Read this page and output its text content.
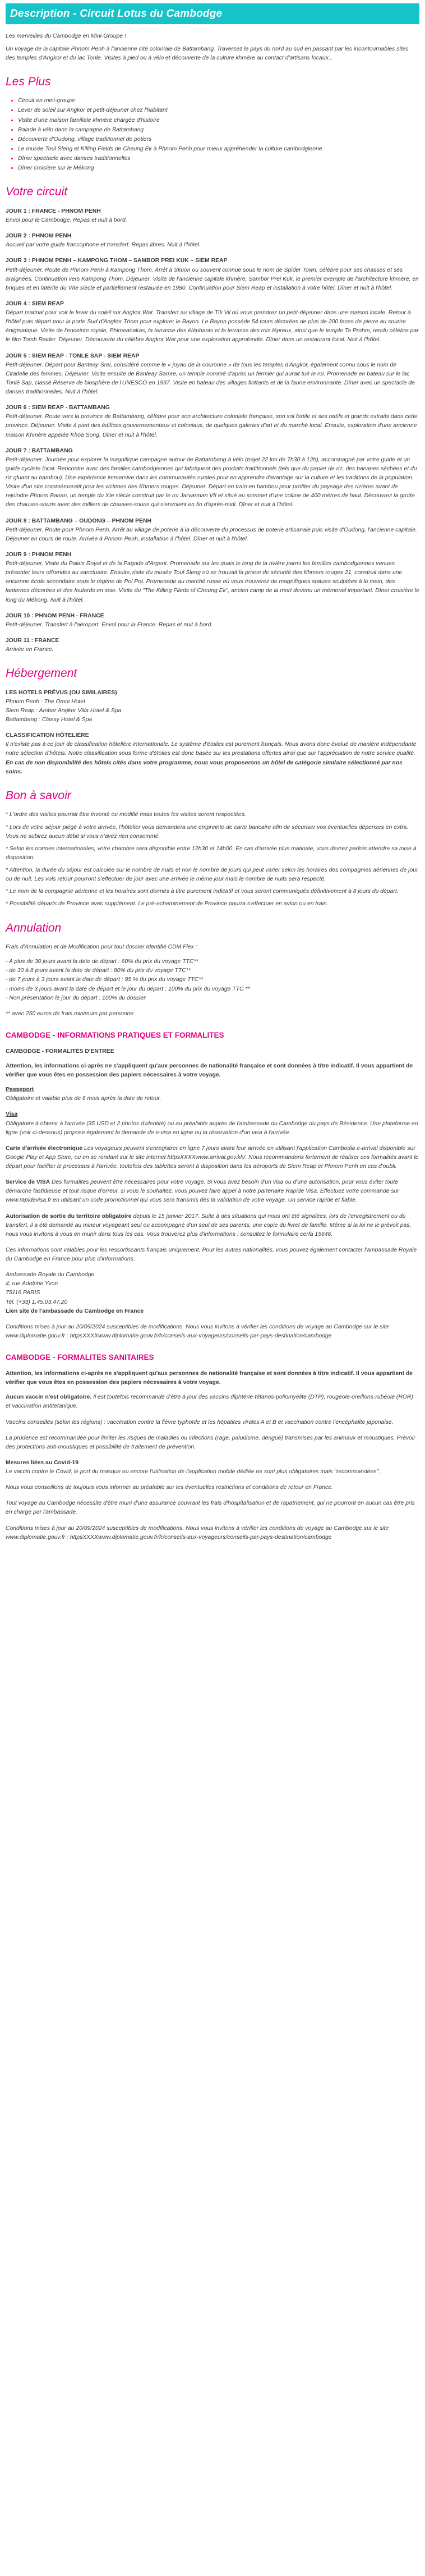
Description - Circuit Lotus du Cambodge

Les merveilles du Cambodge en Mini-Groupe !

Un voyage de la capitale Phnom Penh à l'ancienne cité coloniale de Battambang. Traversez le pays du nord au sud en passant par les incontournables sites des temples d'Angkor et du lac Tonle. Visites à pied ou à vélo et découverte de la culture khmère au contact d'artisans locaux...

Les Plus
• Circuit en mini-groupe
• Lever de soleil sur Angkor et petit-déjeuner chez l'habitant
• Visite d'une maison familiale khmère chargée d'histoire
• Balade à vélo dans la campagne de Battambang
• Découverte d'Oudong, village traditionnel de potiers
• Le musée Toul Sleng et Killing Fields de Cheung Ek à Phnom Penh pour mieux appréhender la culture cambodgienne
• Dîner spectacle avec danses traditionnelles
• Dîner croisière sur le Mékong
Votre circuit
JOUR 1 : FRANCE - PHNOM PENH
Envol pour le Cambodge. Repas et nuit à bord.
JOUR 2 : PHNOM PENH
Accueil par votre guide francophone et transfert. Repas libres. Nuit à l'hôtel.
JOUR 3 : PHNOM PENH – KAMPONG THOM – SAMBOR PREI KUK – SIEM REAP
Petit-déjeuner. Route de Phnom Penh à Kampong Thom. Arrêt à Skuon ou souvent connue sous le nom de Spider Town, célèbre pour ses chasses et ses araignées. Continuation vers Kampong Thom. Déjeuner. Visite de l'ancienne capitale khmère, Sambor Prei Kuk, le premier exemple de l'architecture khmère, en briques et en latérite du VIIe siècle et partiellement restaurée en 1980. Continuation pour Siem Reap et installation à votre hôtel. Dîner et nuit à l'hôtel.
JOUR 4 : SIEM REAP
Départ matinal pour voir le lever du soleil sur Angkor Wat. Transfert au village de Tik Vil où vous prendrez un petit-déjeuner dans une maison locale. Retour à l'hôtel puis départ pour la porte Sud d'Angkor Thom pour explorer le Bayon. Le Bayon possède 54 tours décorées de plus de 200 faces de pierre au sourire énigmatique. Visite de l'enceinte royale, Phimeanakas, la terrasse des éléphants et la terrasse des rois lépreux, ainsi que le temple Ta Prohm, rendu célèbre par le film Tomb Raider. Déjeuner. Découverte du célèbre Angkor Wat pour une exploration approfondie. Dîner dans un restaurant local. Nuit à l'hôtel.
JOUR 5 : SIEM REAP - TONLE SAP - SIEM REAP
Petit-déjeuner. Départ pour Banteay Srei, considéré comme le « joyau de la couronne » de tous les temples d'Angkor, également connu sous le nom de Citadelle des femmes. Déjeuner. Visite ensuite de Banteay Samre, un temple nommé d'après un fermier qui aurait tué le roi. Promenade en bateau sur le lac Tonlé Sap, classé Réserve de biosphère de l'UNESCO en 1997. Visite en bateau des villages flottants et de la faune environnante. Dîner avec un spectacle de danses traditionnelles. Nuit à l'hôtel.
JOUR 6 : SIEM REAP - BATTAMBANG
Petit-déjeuner. Route vers la province de Battambang, célèbre pour son architecture coloniale française, son sol fertile et ses natifs et grands extraits dans cette province. Déjeuner. Visite à pied des édifices gouvernementaux et coloniaux, de quelques galeries d'art et du marché local. Ensuite, exploration d'une ancienne maison Khmère appelée Khoa Song. Dîner et nuit à l'hôtel.
JOUR 7 : BATTAMBANG
Petit-déjeuner. Journée pour explorer la magnifique campagne autour de Battambang à vélo (trajet 22 km de 7h30 à 12h), accompagné par votre guide et un guide cycliste local. Rencontre avec des familles cambodgiennes qui fabriquent des produits traditionnels (tels que du papier de riz, des bananes séchées et du riz gluant au bambou). Une expérience immersive dans les communautés rurales pour en apprendre davantage sur la culture et les traditions de la population. Visite d'un site commémoratif pour les victimes des Khmers rouges. Déjeuner. Départ en train en bambou pour profiter du paysage des rizières avant de rejoindre Phnom Banan, un temple du XIe siècle construit par le roi Jarvarman VII et situé au sommet d'une colline de 400 mètres de haut. Découvrez la grotte des chauves-souris avec des milliers de chauves-souris qui s'envolent en fin d'après-midi. Dîner et nuit à l'hôtel.
JOUR 8 : BATTAMBANG – OUDONG – PHNOM PENH
Petit-déjeuner. Route pour Phnom Penh. Arrêt au village de poterie à la découverte du processus de poterie artisanale puis visite d'Oudong, l'ancienne capitale. Déjeuner en cours de route. Arrivée à Phnom Penh, installation à l'hôtel. Dîner et nuit à l'hôtel.
JOUR 9 : PHNOM PENH
Petit-déjeuner. Visite du Palais Royal et de la Pagode d'Argent. Promenade sur les quais le long de la rivière parmi les familles cambodgiennes venues présenter leurs offrandes au sanctuaire. Ensuite,visite du musée Toul Sleng où se trouvait la prison de sécurité des Khmers rouges 21, construit dans une ancienne école secondaire sous le régime de Pol Pot. Promenade au marché russe où vous trouverez de magnifiques statues sculptées à la main, des lanternes décorées et des foulards en soie. Visite du "The Killing Fileds of Cheung Ek", ancien camp de la mort devenu un mémorial important. Dîner croisière le long du Mékong. Nuit à l'hôtel.
JOUR 10 : PHNOM PENH - FRANCE
Petit-déjeuner. Transfert à l'aéroport. Envol pour la France. Repas et nuit à bord.
JOUR 11 : FRANCE
Arrivée en France.
Hébergement
LES HOTELS PRÉVUS (OU SIMILAIRES)
Phnom Penh : The Omni Hotel
Siem Reap : Amber Angkor Villa Hotel & Spa
Battambang : Classy Hotel & Spa
CLASSIFICATION HÔTELIÈRE
Il n'existe pas à ce jour de classification hôtelière internationale. Le système d'étoiles est purement français. Nous avons donc évalué de manière indépendante notre sélection d'hôtels. Notre classification sous forme d'étoiles est donc basée sur les prestations offertes ainsi que sur l'appréciation de notre service qualité.
En cas de non disponibilité des hôtels cités dans votre programme, nous vous proposerons un hôtel de catégorie similaire sélectionné par nos soins.
Bon à savoir
* L'ordre des visites pourrait être inversé ou modifié mais toutes les visites seront respectées.
* Lors de votre séjour piégé à votre arrivée, l'hôtelier vous demandera une empreinte de carte bancaire afin de sécuriser vos éventuelles dépenses en extra. Vous ne subirez aucun débit si vous n'avez rien consommé.
* Selon les normes internationales, votre chambre sera disponible entre 12h30 et 14h00. En cas d'arrivée plus matinale, vous devrez parfois attendre sa mise à disposition.
* Attention, la durée du séjour est calculée sur le nombre de nuits et non le nombre de jours qui peut varier selon les horaires des compagnies aériennes de jour ou de nuit. Les vols retour pourront s'effectuer de jour avec une arrivée le même jour mais le nombre de nuits sera respecté.
* Le nom de la compagnie aérienne et les horaires sont donnés à titre purement indicatif et vous seront communiqués définitivement à 8 jours du départ.
* Possibilité départs de Province avec supplément. Le pré-acheminement de Province pourra s'effectuer en avion ou en train.
Annulation
Frais d'Annulation et de Modification pour tout dossier Identifié CDM Flex :
- A plus de 30 jours avant la date de départ : 60% du prix du voyage TTC**
- de 30 à 8 jours avant la date de départ : 80% du prix du voyage TTC**
- de 7 jours à 3 jours avant la date de départ : 95 % du prix du voyage TTC**
- moins de 3 jours avant la date de départ et le jour du départ : 100% du prix du voyage TTC **
- Non présentation le jour du départ : 100% du dossier
** avec 250 euros de frais minimum par personne
CAMBODGE - INFORMATIONS PRATIQUES ET FORMALITES
CAMBODGE - FORMALITÉS D'ENTREE
Attention, les informations ci-après ne s'appliquent qu'aux personnes de nationalité française et sont données à titre indicatif. Il vous appartient de vérifier que vous êtes en possession des papiers nécessaires à votre voyage.
Passeport
Obligatoire et valable plus de 6 mois après la date de retour.
Visa
Obligatoire à obtenir à l'arrivée (35 USD et 2 photos d'identité) ou au préalable auprès de l'ambassade du Cambodge du pays de Résidence. Une plateforme en ligne (voir ci-dessous) propose également la demande de e-visa en ligne ou la réservation d'un visa à l'arrivée.
Carte d'arrivée électronique Les voyageurs peuvent s'enregistrer en ligne 7 jours avant leur arrivée en utilisant l'application Cambodia e-arrival disponible sur Google Play et App Store, ou en se rendant sur le site internet httpsXXXXwww.arrival.gov.kh/. Nous recommandons fortement de réaliser ces formalités avant le départ pour faciliter le processus à l'arrivée, toutefois des tablettes seront à disposition dans les aéroports de Siem Reap et Phnom Penh en cas d'oubli.
Service de VISA Des formalités peuvent être nécessaires pour votre voyage. Si vous avez besoin d'un visa ou d'une autorisation, pour vous éviter toute démarche fastidieuse et tout risque d'erreur, si vous le souhaitez, vous pouvez faire appel à notre partenaire Rapide Visa. Effectuez votre commande sur www.rapidevisa.fr en utilisant un code promotionnel qui vous sera transmis dès la validation de votre voyage. Un service rapide et fiable.
Autorisation de sortie du territoire obligatoire depuis le 15 janvier 2017. Suite à des situations qui nous ont été signalées, lors de l'enregistrement ou du transfert, il a été demandé au mineur voyageant seul ou accompagné d'un seul de ses parents, une copie du livret de famille. Même si la loi ne le prévoit pas, nous vous invitons à vous en munir dans tous les cas. Vous trouverez plus d'informations : consultez le formulaire cerfa 15646.
Ces informations sont valables pour les ressortissants français uniquement. Pour les autres nationalités, vous pouvez également contacter l'ambassade Royale du Cambodge en France pour plus d'informations.
Ambassade Royale du Cambodge
4, rue Adolphe Yvon
75116 PARIS
Tel. (+33) 1.45.03.47.20
Lien site de l'ambassade du Cambodge en France
Conditions mises à jour au 20/09/2024 susceptibles de modifications. Nous vous invitons à vérifier les conditions de voyage au Cambodge sur le site www.diplomatie.gouv.fr : httpsXXXXwww.diplomatie.gouv.fr/fr/conseils-aux-voyageurs/conseils-par-pays-destination/cambodge
CAMBODGE - FORMALITES SANITAIRES
Attention, les informations ci-après ne s'appliquent qu'aux personnes de nationalité française et sont données à titre indicatif. Il vous appartient de vérifier que vous êtes en possession des papiers nécessaires à votre voyage.
Aucun vaccin n'est obligatoire. Il est toutefois recommandé d'être à jour des vaccins diphtérie-tétanos-poliomyélite (DTP), rougeole-oreillons-rubéole (ROR) et vaccination antitetanique.
Vaccins conseillés (selon les régions) : vaccination contre la fièvre typhoïde et les hépatites virales A et B et vaccination contre l'encéphalite japonaise.
La prudence est recommandée pour limiter les risques de maladies ou infections (rage, paludisme, dengue) transmises par les animaux et moustiques. Prévoir des protections anti-moustiques et possibilité de traitement de prévention.
Mesures liées au Covid-19
Le vaccin contre le Covid, le port du masque ou encore l'utilisation de l'application mobile dédiée ne sont plus obligatoires mais "recommandées".
Nous vous conseillons de toujours vous informer au préalable sur les éventuelles restrictions et conditions de retour en France.
Tout voyage au Cambodge nécessite d'être muni d'une assurance couvrant les frais d'hospitalisation et de rapatriement, qui ne pourront en aucun cas être pris en charge par l'ambassade.
Conditions mises à jour au 20/09/2024 susceptibles de modifications. Nous vous invitons à vérifier les conditions de voyage au Cambodge sur le site www.diplomatie.gouv.fr : httpsXXXXwww.diplomatie.gouv.fr/fr/conseils-aux-voyageurs/conseils-par-pays-destination/cambodge
